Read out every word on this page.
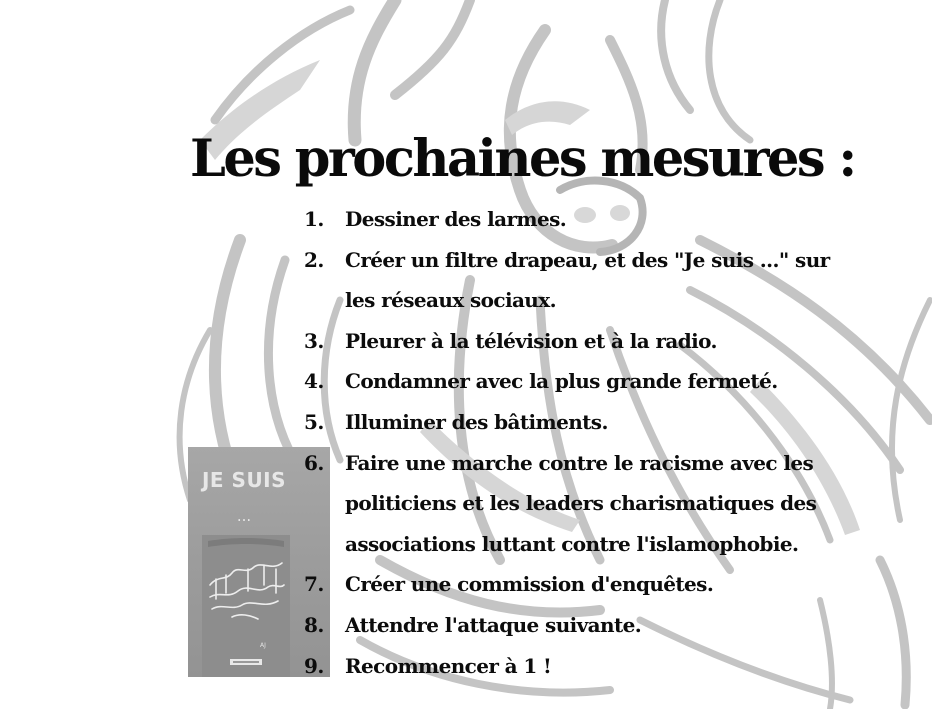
Les prochaines mesures :
1.	Dessiner des larmes.
2.	Créer un filtre drapeau, et des "Je suis ..." sur
les réseaux sociaux.
3.	Pleurer à la télévision et à la radio.
4.	Condamner avec la plus grande fermeté.
5.	Illuminer des bâtiments.
6.	Faire une marche contre le racisme avec les
politiciens et les leaders charismatiques des
associations luttant contre l'islamophobie.
7.	Créer une commission d'enquêtes.
8.	Attendre l'attaque suivante.
9.	Recommencer à 1 !
JE SUIS
...
AJ
